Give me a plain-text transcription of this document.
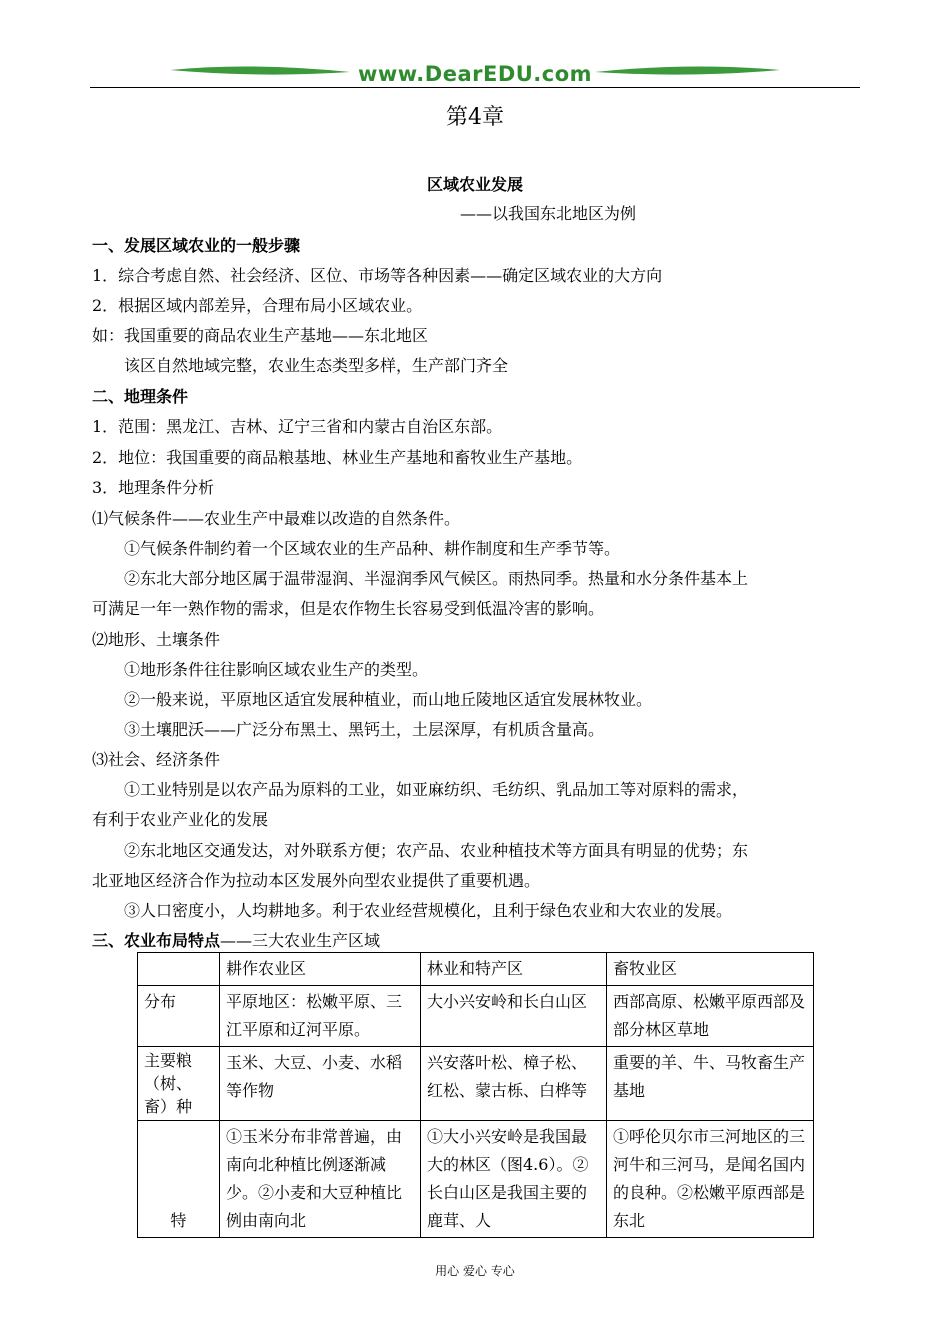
www.DearEDU.com
第4章
区域农业发展
——以我国东北地区为例
一、发展区域农业的一般步骤
1．综合考虑自然、社会经济、区位、市场等各种因素——确定区域农业的大方向
2．根据区域内部差异，合理布局小区域农业。
如：我国重要的商品农业生产基地——东北地区
该区自然地域完整，农业生态类型多样，生产部门齐全
二、地理条件
1．范围：黑龙江、吉林、辽宁三省和内蒙古自治区东部。
2．地位：我国重要的商品粮基地、林业生产基地和畜牧业生产基地。
3．地理条件分析
⑴气候条件——农业生产中最难以改造的自然条件。
①气候条件制约着一个区域农业的生产品种、耕作制度和生产季节等。
②东北大部分地区属于温带湿润、半湿润季风气候区。雨热同季。热量和水分条件基本上
可满足一年一熟作物的需求，但是农作物生长容易受到低温冷害的影响。
⑵地形、土壤条件
①地形条件往往影响区域农业生产的类型。
②一般来说，平原地区适宜发展种植业，而山地丘陵地区适宜发展林牧业。
③土壤肥沃——广泛分布黑土、黑钙土，土层深厚，有机质含量高。
⑶社会、经济条件
①工业特别是以农产品为原料的工业，如亚麻纺织、毛纺织、乳品加工等对原料的需求，
有利于农业产业化的发展
②东北地区交通发达，对外联系方便；农产品、农业种植技术等方面具有明显的优势；东
北亚地区经济合作为拉动本区发展外向型农业提供了重要机遇。
③人口密度小，人均耕地多。利于农业经营规模化，且利于绿色农业和大农业的发展。
三、农业布局特点——三大农业生产区域
	耕作农业区	林业和特产区	畜牧业区
分布	平原地区：松嫩平原、三江平原和辽河平原。	大小兴安岭和长白山区	西部高原、松嫩平原西部及部分林区草地
主要粮（树、畜）种	玉米、大豆、小麦、水稻等作物	兴安落叶松、樟子松、红松、蒙古栎、白桦等	重要的羊、牛、马牧畜生产基地
特	①玉米分布非常普遍，由南向北种植比例逐渐减少。②小麦和大豆种植比例由南向北	①大小兴安岭是我国最大的林区（图4.6）。②长白山区是我国主要的鹿茸、人	①呼伦贝尔市三河地区的三河牛和三河马，是闻名国内的良种。②松嫩平原西部是东北
用心 爱心 专心
